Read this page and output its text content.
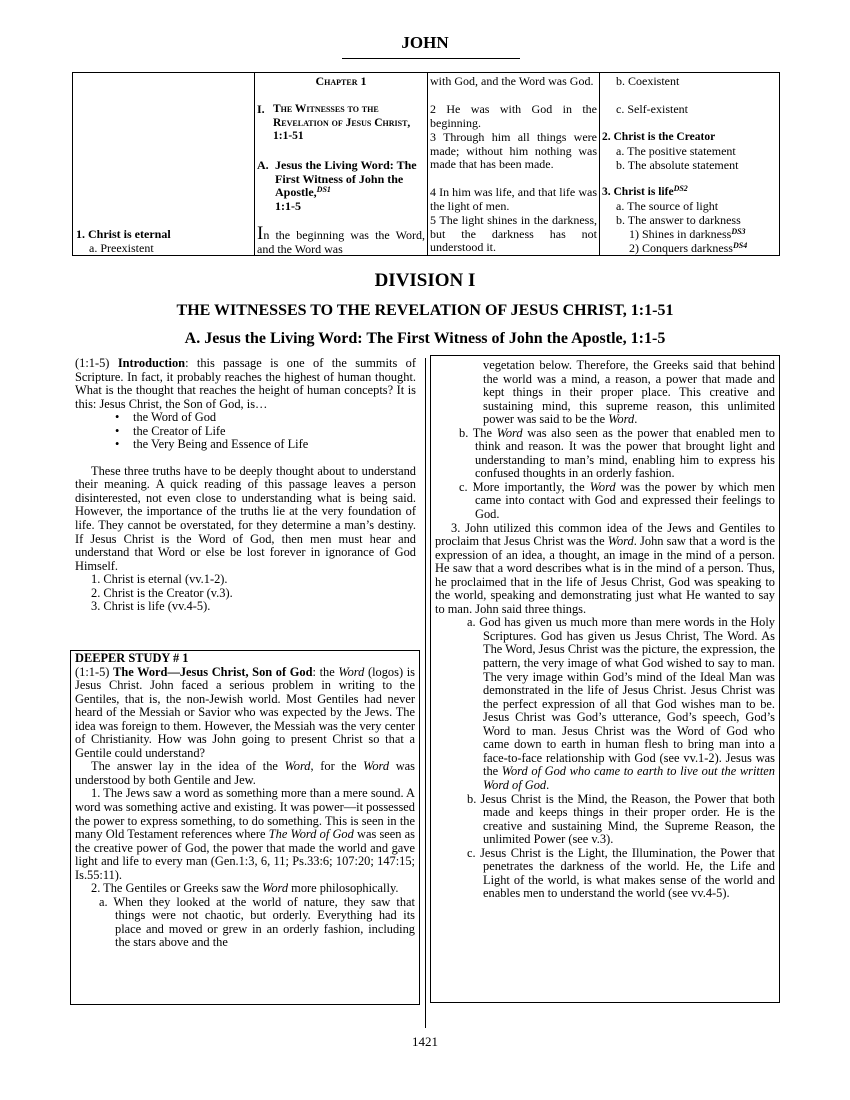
JOHN
1. Christ is eternal
a. Preexistent
Chapter 1
I. The Witnesses to the Revelation of Jesus Christ, 1:1-51
A. Jesus the Living Word: The First Witness of John the Apostle,$^{DS1}$
1:1-5
In the beginning was the Word, and the Word was
with God, and the Word was God.
2 He was with God in the beginning.
3 Through him all things were made; without him nothing was made that has been made.
4 In him was life, and that life was the light of men.
5 The light shines in the darkness, but the darkness has not understood it.
b. Coexistent
c. Self-existent
2. Christ is the Creator
a. The positive statement
b. The absolute statement
3. Christ is life$^{DS2}$
a. The source of light
b. The answer to darkness
1) Shines in darkness$^{DS3}$
2) Conquers darkness$^{DS4}$
DIVISION I
THE WITNESSES TO THE REVELATION OF JESUS CHRIST, 1:1-51
A. Jesus the Living Word: The First Witness of John the Apostle, 1:1-5

(1:1-5) Introduction: this passage is one of the summits of Scripture. In fact, it probably reaches the highest of human thought. What is the thought that reaches the height of human concepts? It is this: Jesus Christ, the Son of God, is…

• the Word of God

• the Creator of Life

• the Very Being and Essence of Life

These three truths have to be deeply thought about to understand their meaning. A quick reading of this passage leaves a person disinterested, not even close to understanding what is being said. However, the importance of the truths lie at the very foundation of life. They cannot be overstated, for they determine a man’s destiny. If Jesus Christ is the Word of God, then men must hear and understand that Word or else be lost forever in ignorance of God Himself.

1. Christ is eternal (vv.1-2).

2. Christ is the Creator (v.3).

3. Christ is life (vv.4-5).

DEEPER STUDY # 1

(1:1-5) The Word—Jesus Christ, Son of God: the Word (logos) is Jesus Christ. John faced a serious problem in writing to the Gentiles, that is, the non-Jewish world. Most Gentiles had never heard of the Messiah or Savior who was expected by the Jews. The idea was foreign to them. However, the Messiah was the very center of Christianity. How was John going to present Christ so that a Gentile could understand?

The answer lay in the idea of the Word, for the Word was understood by both Gentile and Jew.

1. The Jews saw a word as something more than a mere sound. A word was something active and existing. It was power—it possessed the power to express something, to do something. This is seen in the many Old Testament references where The Word of God was seen as the creative power of God, the power that made the world and gave light and life to every man (Gen.1:3, 6, 11; Ps.33:6; 107:20; 147:15; Is.55:11).

2. The Gentiles or Greeks saw the Word more philosophically.

a. When they looked at the world of nature, they saw that things were not chaotic, but orderly. Everything had its place and moved or grew in an orderly fashion, including the stars above and the

vegetation below. Therefore, the Greeks said that behind the world was a mind, a reason, a power that made and kept things in their proper place. This creative and sustaining mind, this supreme reason, this unlimited power was said to be the Word.

b. The Word was also seen as the power that enabled men to think and reason. It was the power that brought light and understanding to man’s mind, enabling him to express his confused thoughts in an orderly fashion.

c. More importantly, the Word was the power by which men came into contact with God and expressed their feelings to God.

3. John utilized this common idea of the Jews and Gentiles to proclaim that Jesus Christ was the Word. John saw that a word is the expression of an idea, a thought, an image in the mind of a person. He saw that a word describes what is in the mind of a person. Thus, he proclaimed that in the life of Jesus Christ, God was speaking to the world, speaking and demonstrating just what He wanted to say to man. John said three things.

a. God has given us much more than mere words in the Holy Scriptures. God has given us Jesus Christ, The Word. As The Word, Jesus Christ was the picture, the expression, the pattern, the very image of what God wished to say to man. The very image within God’s mind of the Ideal Man was demonstrated in the life of Jesus Christ. Jesus Christ was the perfect expression of all that God wishes man to be. Jesus Christ was God’s utterance, God’s speech, God’s Word to man. Jesus Christ was the Word of God who came down to earth in human flesh to bring man into a face-to-face relationship with God (see vv.1-2). Jesus was the Word of God who came to earth to live out the written Word of God.

b. Jesus Christ is the Mind, the Reason, the Power that both made and keeps things in their proper order. He is the creative and sustaining Mind, the Supreme Reason, the unlimited Power (see v.3).

c. Jesus Christ is the Light, the Illumination, the Power that penetrates the darkness of the world. He, the Life and Light of the world, is what makes sense of the world and enables men to understand the world (see vv.4-5).

1421
